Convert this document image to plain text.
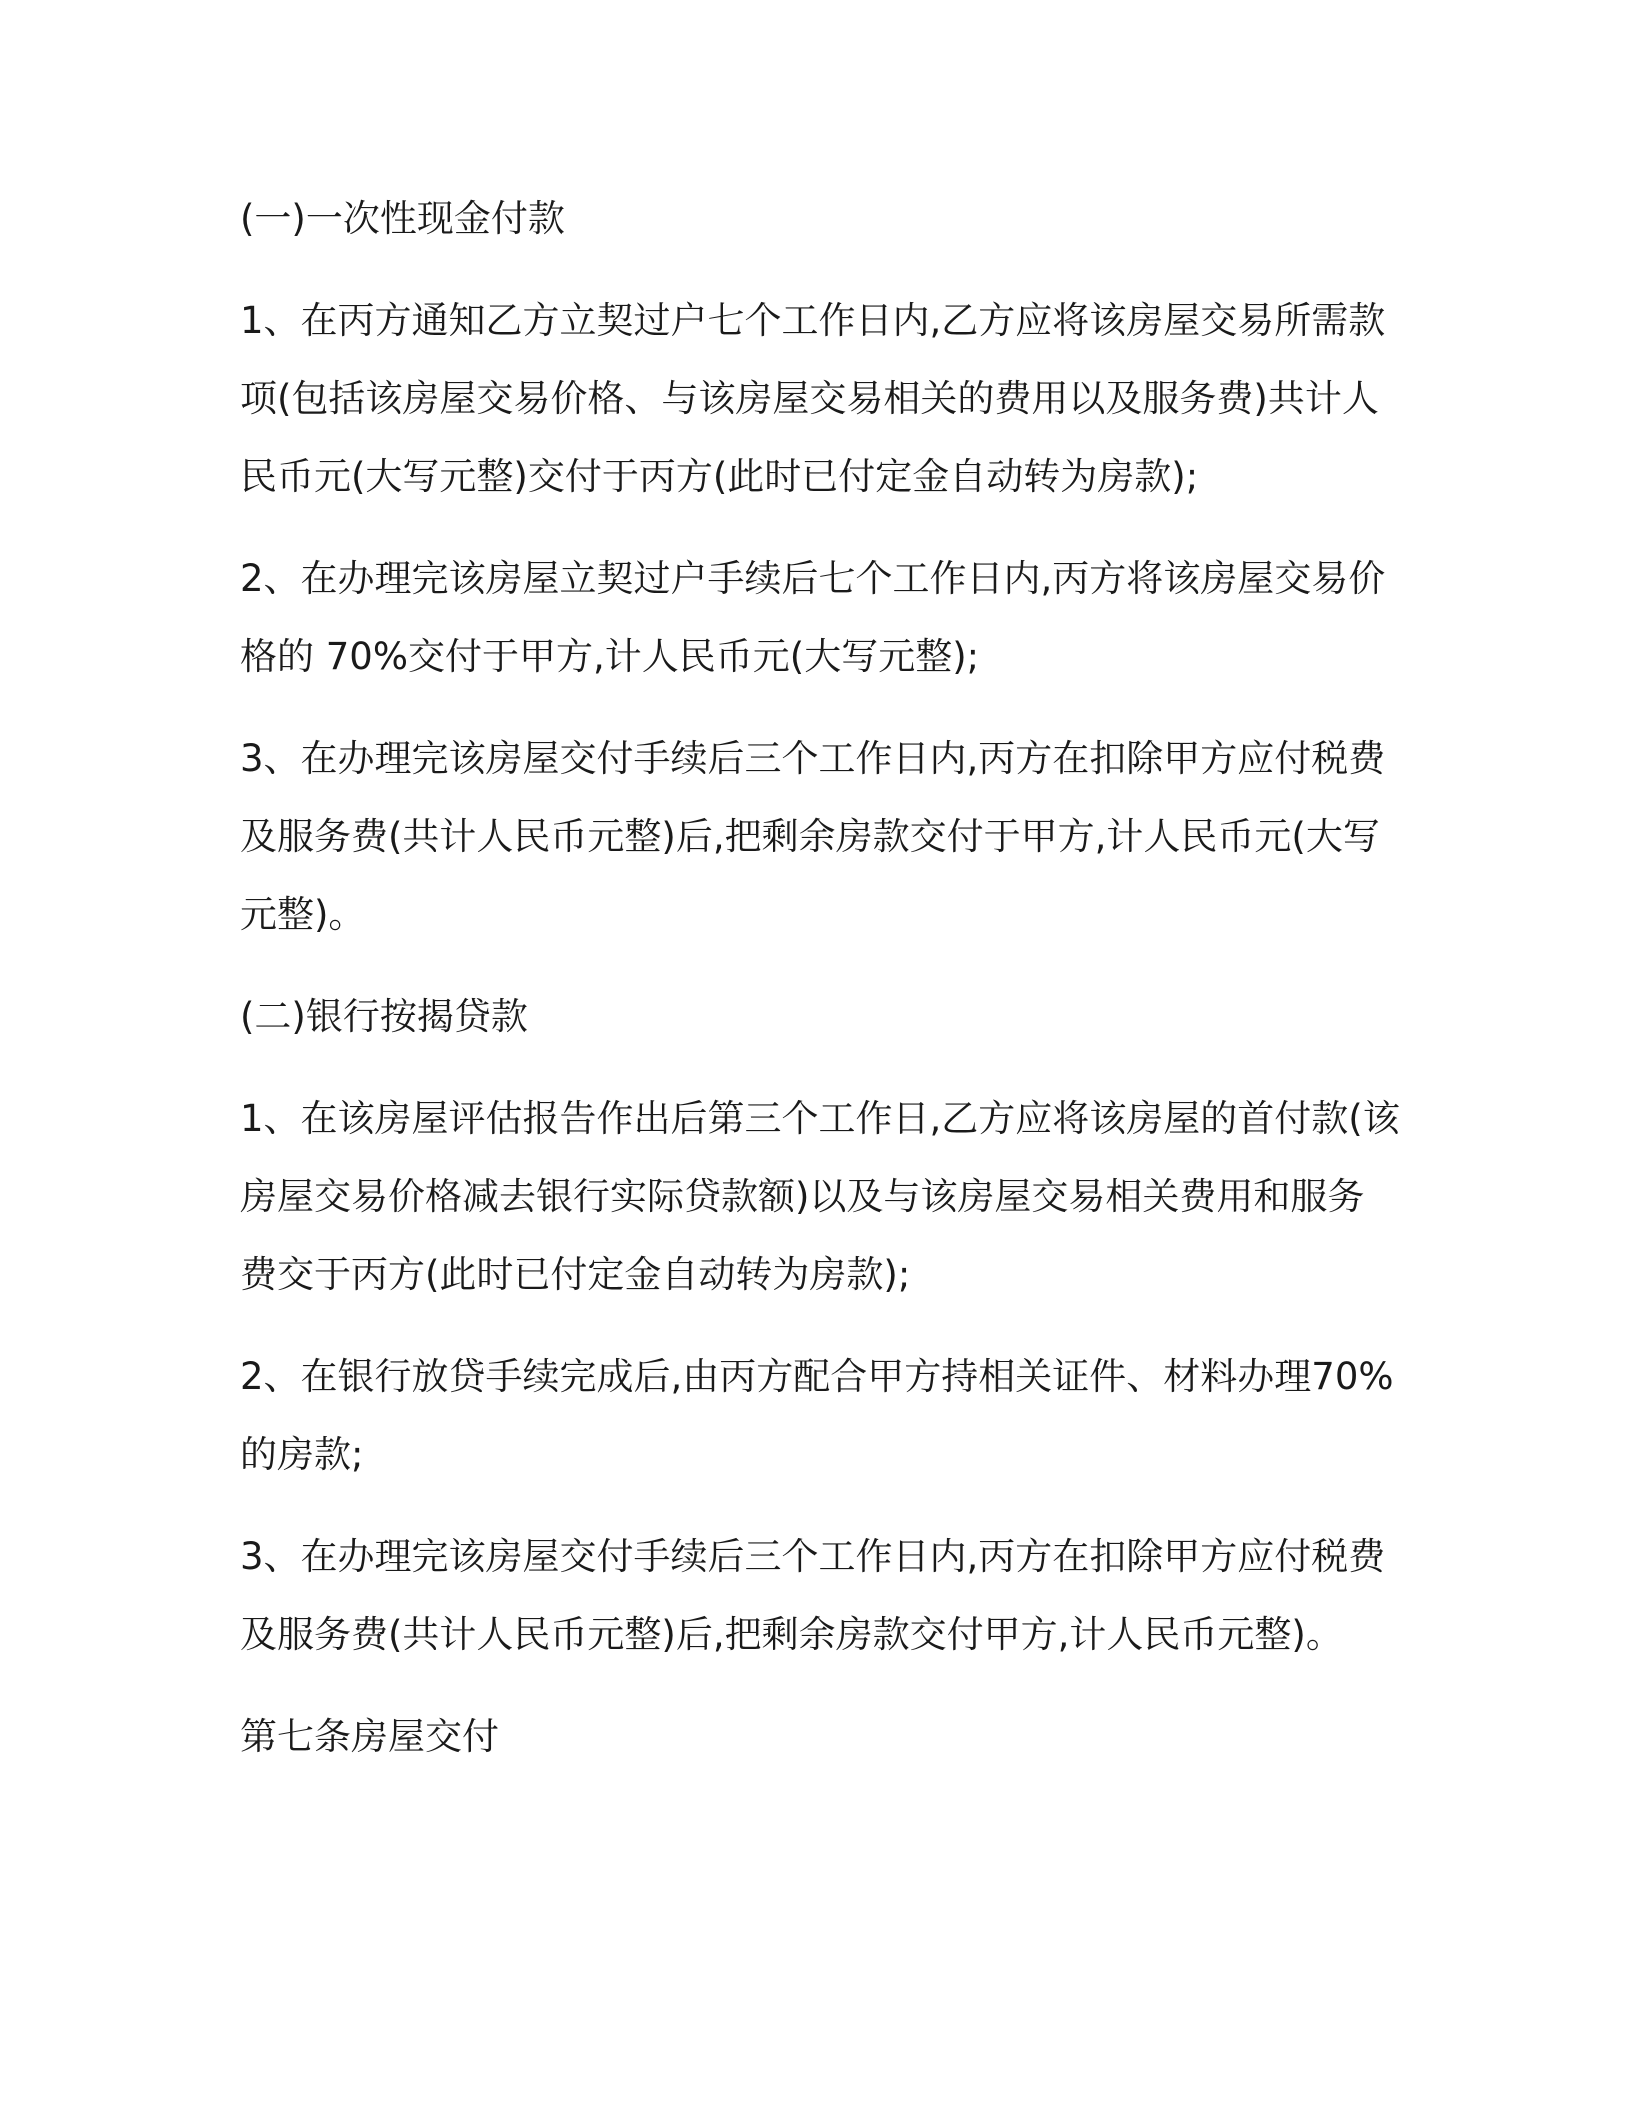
(一)一次性现金付款

1、在丙方通知乙方立契过户七个工作日内,乙方应将该房屋交易所需款项(包括该房屋交易价格、与该房屋交易相关的费用以及服务费)共计人民币元(大写元整)交付于丙方(此时已付定金自动转为房款);

2、在办理完该房屋立契过户手续后七个工作日内,丙方将该房屋交易价格的 70%交付于甲方,计人民币元(大写元整);

3、在办理完该房屋交付手续后三个工作日内,丙方在扣除甲方应付税费及服务费(共计人民币元整)后,把剩余房款交付于甲方,计人民币元(大写元整)。

(二)银行按揭贷款

1、在该房屋评估报告作出后第三个工作日,乙方应将该房屋的首付款(该房屋交易价格减去银行实际贷款额)以及与该房屋交易相关费用和服务费交于丙方(此时已付定金自动转为房款);

2、在银行放贷手续完成后,由丙方配合甲方持相关证件、材料办理70%的房款;

3、在办理完该房屋交付手续后三个工作日内,丙方在扣除甲方应付税费及服务费(共计人民币元整)后,把剩余房款交付甲方,计人民币元整)。

第七条房屋交付
